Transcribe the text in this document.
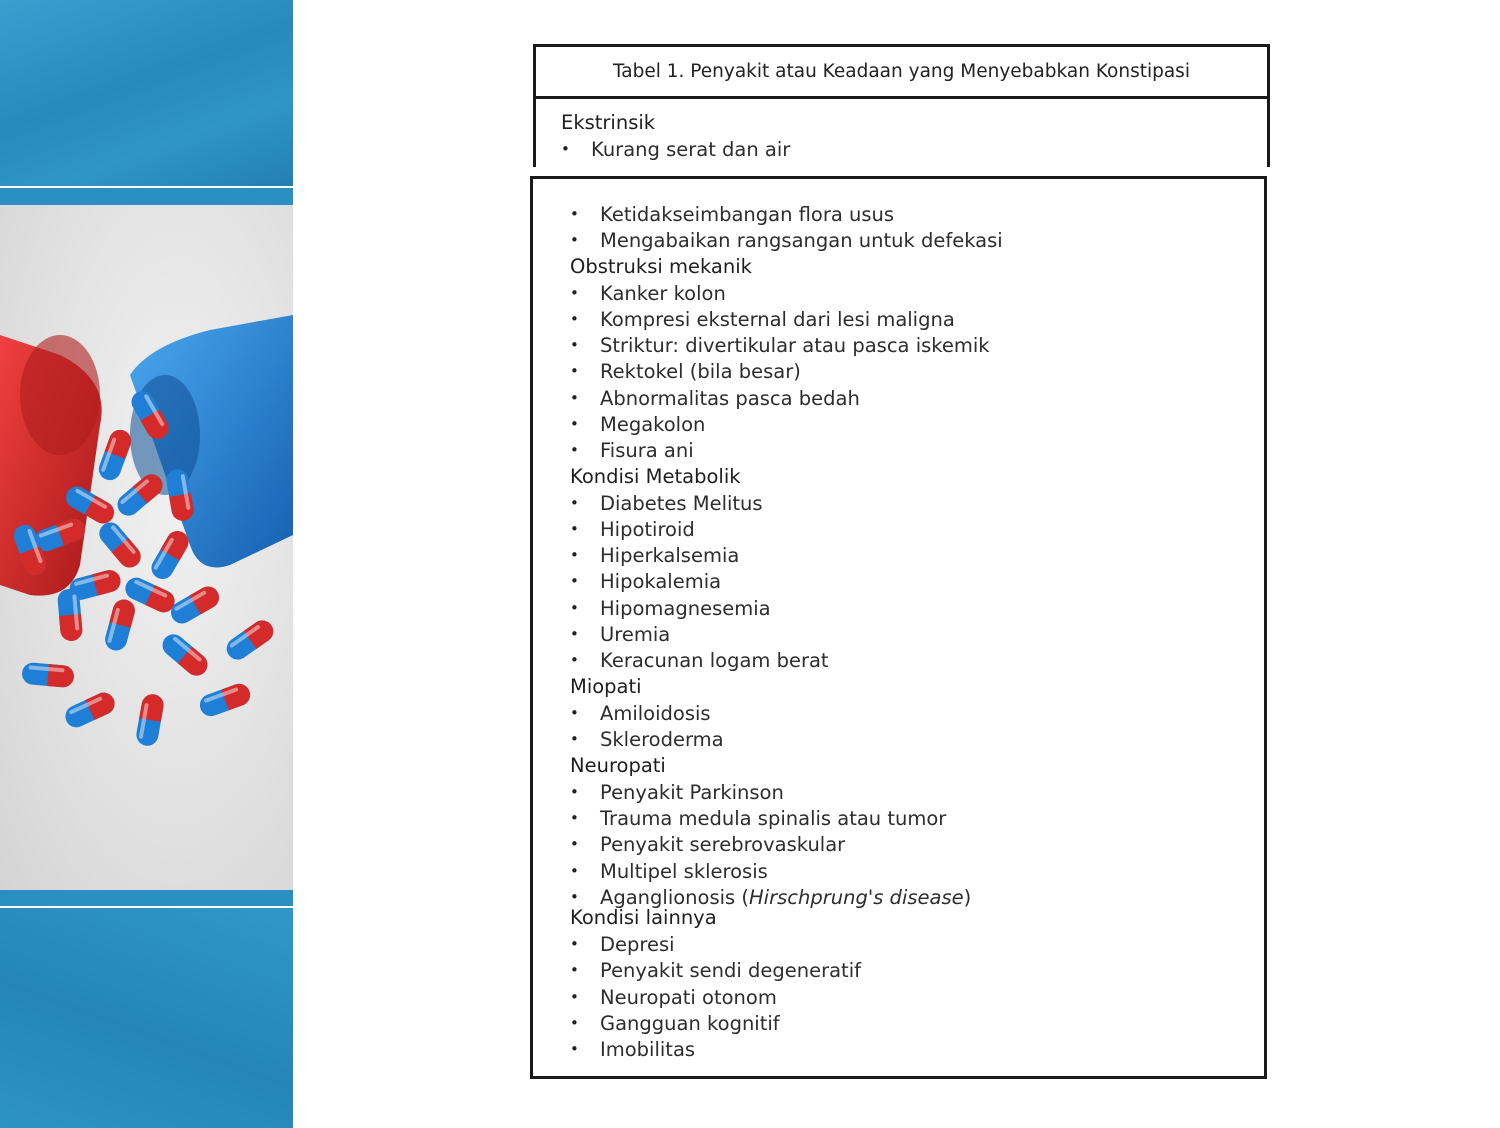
Tabel 1. Penyakit atau Keadaan yang Menyebabkan Konstipasi
Ekstrinsik
• Kurang serat dan air
• Ketidakseimbangan flora usus
• Mengabaikan rangsangan untuk defekasi
Obstruksi mekanik
• Kanker kolon
• Kompresi eksternal dari lesi maligna
• Striktur: divertikular atau pasca iskemik
• Rektokel (bila besar)
• Abnormalitas pasca bedah
• Megakolon
• Fisura ani
Kondisi Metabolik
• Diabetes Melitus
• Hipotiroid
• Hiperkalsemia
• Hipokalemia
• Hipomagnesemia
• Uremia
• Keracunan logam berat
Miopati
• Amiloidosis
• Skleroderma
Neuropati
• Penyakit Parkinson
• Trauma medula spinalis atau tumor
• Penyakit serebrovaskular
• Multipel sklerosis
• Aganglionosis (Hirschprung's disease)
Kondisi lainnya
• Depresi
• Penyakit sendi degeneratif
• Neuropati otonom
• Gangguan kognitif
• Imobilitas
